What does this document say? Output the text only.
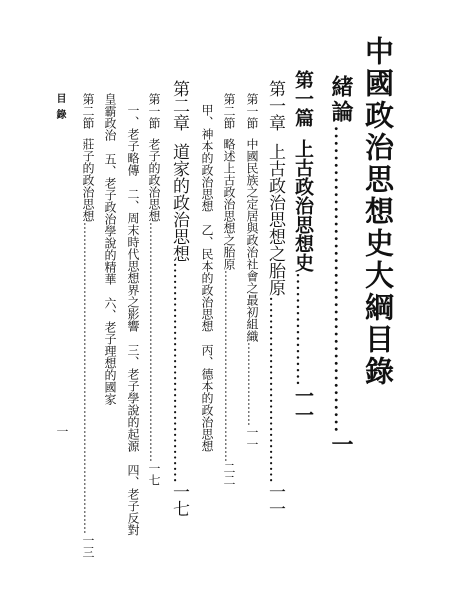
中國政治思想史大綱目錄
緒論……………………………………一
第一篇上古政治思想史………………一一
第一章上古政治思想之胎原……………………………一一
第一節中國民族之定居與政治社會之最初組織…………………一一
第二節略述上古政治思想之胎原…………………………………………二二
甲、神本的政治思想　乙、民本的政治思想　丙、德本的政治思想
第二章道家的政治思想…………………………………一七
第一節老子的政治思想……………………………………………………一七
一、老子略傳　二、周末時代思想界之影響　三、老子學說的起源　四、老子反對
皇霸政治　五、老子政治學說的精華　六、老子理想的國家
第二節莊子的政治思想……………………………………………………………………一三
目錄
一
